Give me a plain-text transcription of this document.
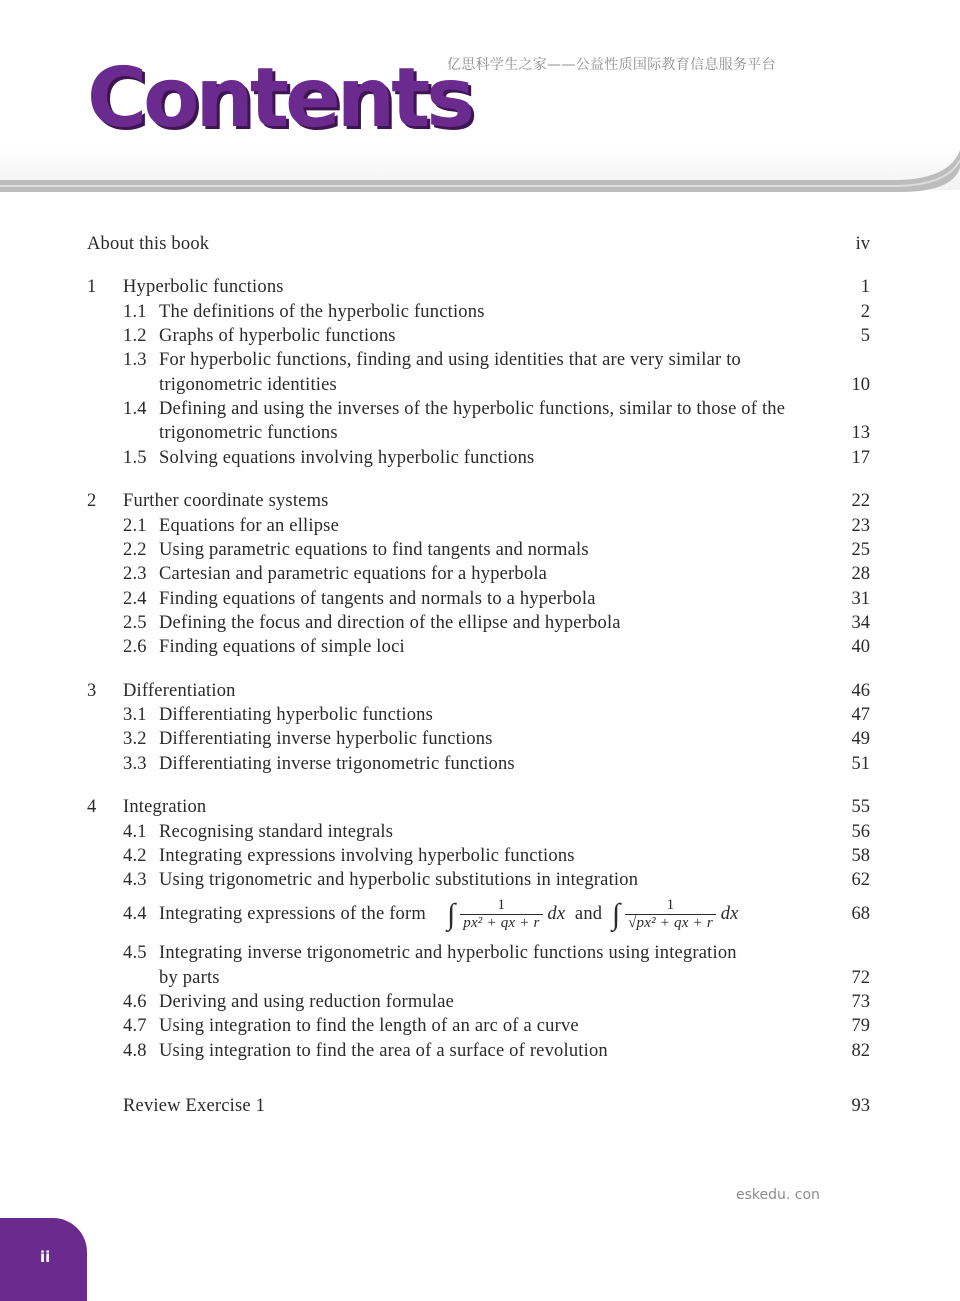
亿思科学生之家——公益性质国际教育信息服务平台
Contents
About this book	iv
1 Hyperbolic functions	1
1.1 The definitions of the hyperbolic functions	2
1.2 Graphs of hyperbolic functions	5
1.3 For hyperbolic functions, finding and using identities that are very similar to
trigonometric identities	10
1.4 Defining and using the inverses of the hyperbolic functions, similar to those of the
trigonometric functions	13
1.5 Solving equations involving hyperbolic functions	17
2 Further coordinate systems	22
2.1 Equations for an ellipse	23
2.2 Using parametric equations to find tangents and normals	25
2.3 Cartesian and parametric equations for a hyperbola	28
2.4 Finding equations of tangents and normals to a hyperbola	31
2.5 Defining the focus and direction of the ellipse and hyperbola	34
2.6 Finding equations of simple loci	40
3 Differentiation	46
3.1 Differentiating hyperbolic functions	47
3.2 Differentiating inverse hyperbolic functions	49
3.3 Differentiating inverse trigonometric functions	51
4 Integration	55
4.1 Recognising standard integrals	56
4.2 Integrating expressions involving hyperbolic functions	58
4.3 Using trigonometric and hyperbolic substitutions in integration	62
4.4 Integrating expressions of the form ∫ $\frac{1}{\text{px² + qx + r}}$ dx and ∫ $\frac{1}{\text{√px² + qx + r}}$ dx	68
4.5 Integrating inverse trigonometric and hyperbolic functions using integration
by parts	72
4.6 Deriving and using reduction formulae	73
4.7 Using integration to find the length of an arc of a curve	79
4.8 Using integration to find the area of a surface of revolution	82
Review Exercise 1	93
eskedu. con
ii
